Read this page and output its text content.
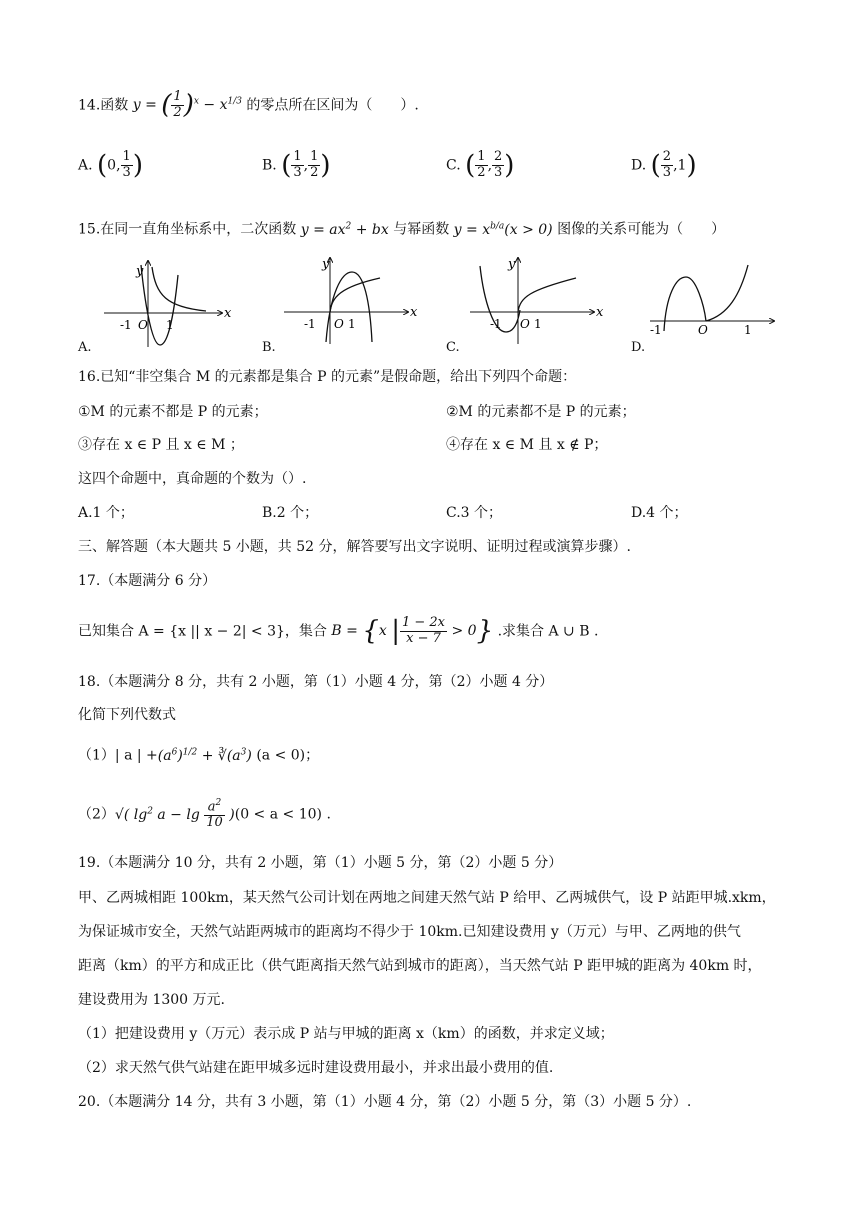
14.函数 y = ( $\frac{1}{2} )^x - x^{1/3}$ 的零点所在区间为（　　）.
A. (0, $\frac{1}{3}$ )	B. ( $\frac{1}{3}$ , $\frac{1}{2}$ )	C. ( $\frac{1}{2}$ , $\frac{2}{3}$ )	D. ( $\frac{2}{3} ,1$)
15.在同一直角坐标系中，二次函数 $y = ax^2$ + bx 与幂函数 $y = x^{b/a}(x > 0)$ 图像的关系可能为（　　）
y
x
-1 O 1
A.
y
x
-1 O 1
B.
y
x
-1 O 1
C.
-1	O	1
D.
16.已知“非空集合 M 的元素都是集合 P 的元素”是假命题，给出下列四个命题：
①M 的元素不都是 P 的元素；	②M 的元素都不是 P 的元素；
③存在 x ∈ P 且 x ∈ M ；	④存在 x ∈ M 且 x ∉ P；
这四个命题中，真命题的个数为（）.
A.1 个；	B.2 个；	C.3 个；	D.4 个；
三、解答题（本大题共 5 小题，共 52 分，解答要写出文字说明、证明过程或演算步骤）.
17.（本题满分 6 分）
已知集合 A = {x || x − 2| < 3}，集合 B = {x | $\frac{1 - 2x}{x - 7} > 0$} .求集合 A ∪ B .
18.（本题满分 8 分，共有 2 小题，第（1）小题 4 分，第（2）小题 4 分）
化简下列代数式
（1）| a | $+(a^6)^{1/2}$ + $∛(a^3) (a < 0)$；
（2）√( $\lg^2 a - \lg \frac{a^2}{10} )(0 < a < 10)$ .
19.（本题满分 10 分，共有 2 小题，第（1）小题 5 分，第（2）小题 5 分）
甲、乙两城相距 100km，某天然气公司计划在两地之间建天然气站 P 给甲、乙两城供气，设 P 站距甲城.xkm，
为保证城市安全，天然气站距两城市的距离均不得少于 10km.已知建设费用 y（万元）与甲、乙两地的供气
距离（km）的平方和成正比（供气距离指天然气站到城市的距离），当天然气站 P 距甲城的距离为 40km 时，
建设费用为 1300 万元.
（1）把建设费用 y（万元）表示成 P 站与甲城的距离 x（km）的函数，并求定义域；
（2）求天然气供气站建在距甲城多远时建设费用最小，并求出最小费用的值.
20.（本题满分 14 分，共有 3 小题，第（1）小题 4 分，第（2）小题 5 分，第（3）小题 5 分）.
